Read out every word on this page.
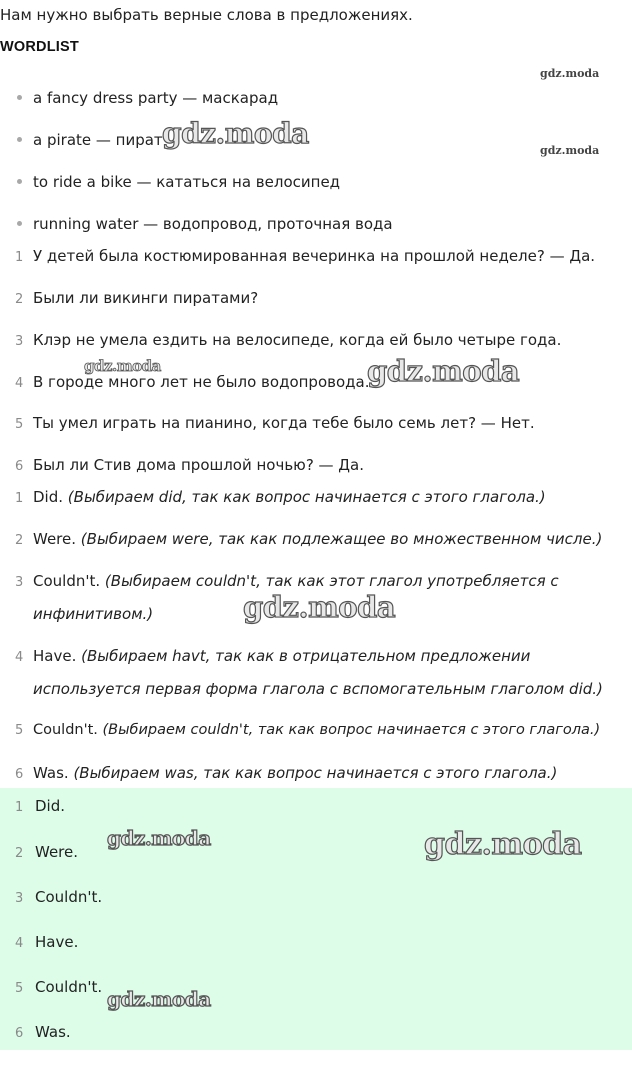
Нам нужно выбрать верные слова в предложениях.
WORDLIST
a fancy dress party — маскарад
a pirate — пират
to ride a bike — кататься на велосипед
running water — водопровод, проточная вода
1 У детей была костюмированная вечеринка на прошлой неделе? — Да.
2 Были ли викинги пиратами?
3 Клэр не умела ездить на велосипеде, когда ей было четыре года.
4 В городе много лет не было водопровода.
5 Ты умел играть на пианино, когда тебе было семь лет? — Нет.
6 Был ли Стив дома прошлой ночью? — Да.
1 Did. (Выбираем did, так как вопрос начинается с этого глагола.)
2 Were. (Выбираем were, так как подлежащее во множественном числе.)
3 Couldn't. (Выбираем couldn't, так как этот глагол употребляется с
инфинитивом.)
4 Have. (Выбираем havt, так как в отрицательном предложении
используется первая форма глагола с вспомогательным глаголом did.)
5 Couldn't. (Выбираем couldn't, так как вопрос начинается с этого глагола.)
6 Was. (Выбираем was, так как вопрос начинается с этого глагола.)
1 Did.
2 Were.
3 Couldn't.
4 Have.
5 Couldn't.
6 Was.
gdz.moda
gdz.moda
gdz.moda
gdz.moda	gdz.moda
gdz.moda
gdz.moda	gdz.moda
gdz.moda
